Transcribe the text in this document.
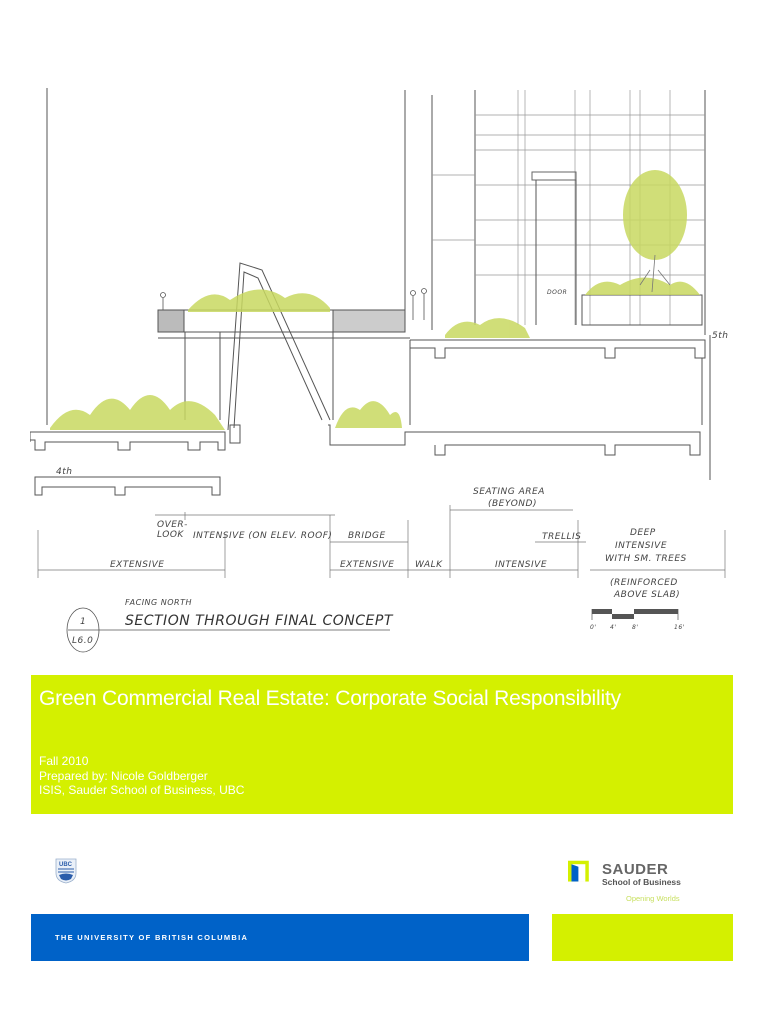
4th
5th
DOOR
OVER-
LOOK INTENSIVE (ON ELEV. ROOF) BRIDGE
EXTENSIVE	EXTENSIVE WALK
SEATING AREA
(BEYOND)
TRELLIS
INTENSIVE
DEEP
INTENSIVE
WITH SM. TREES
(REINFORCED
ABOVE SLAB)
FACING NORTH
SECTION THROUGH FINAL CONCEPT
1
L6.0
0' 4'	8'	16'
Green Commercial Real Estate: Corporate Social Responsibility
Fall 2010
Prepared by: Nicole Goldberger
ISIS, Sauder School of Business, UBC
UBC
THE UNIVERSITY OF BRITISH COLUMBIA
SAUDER
School of Business
Opening Worlds
